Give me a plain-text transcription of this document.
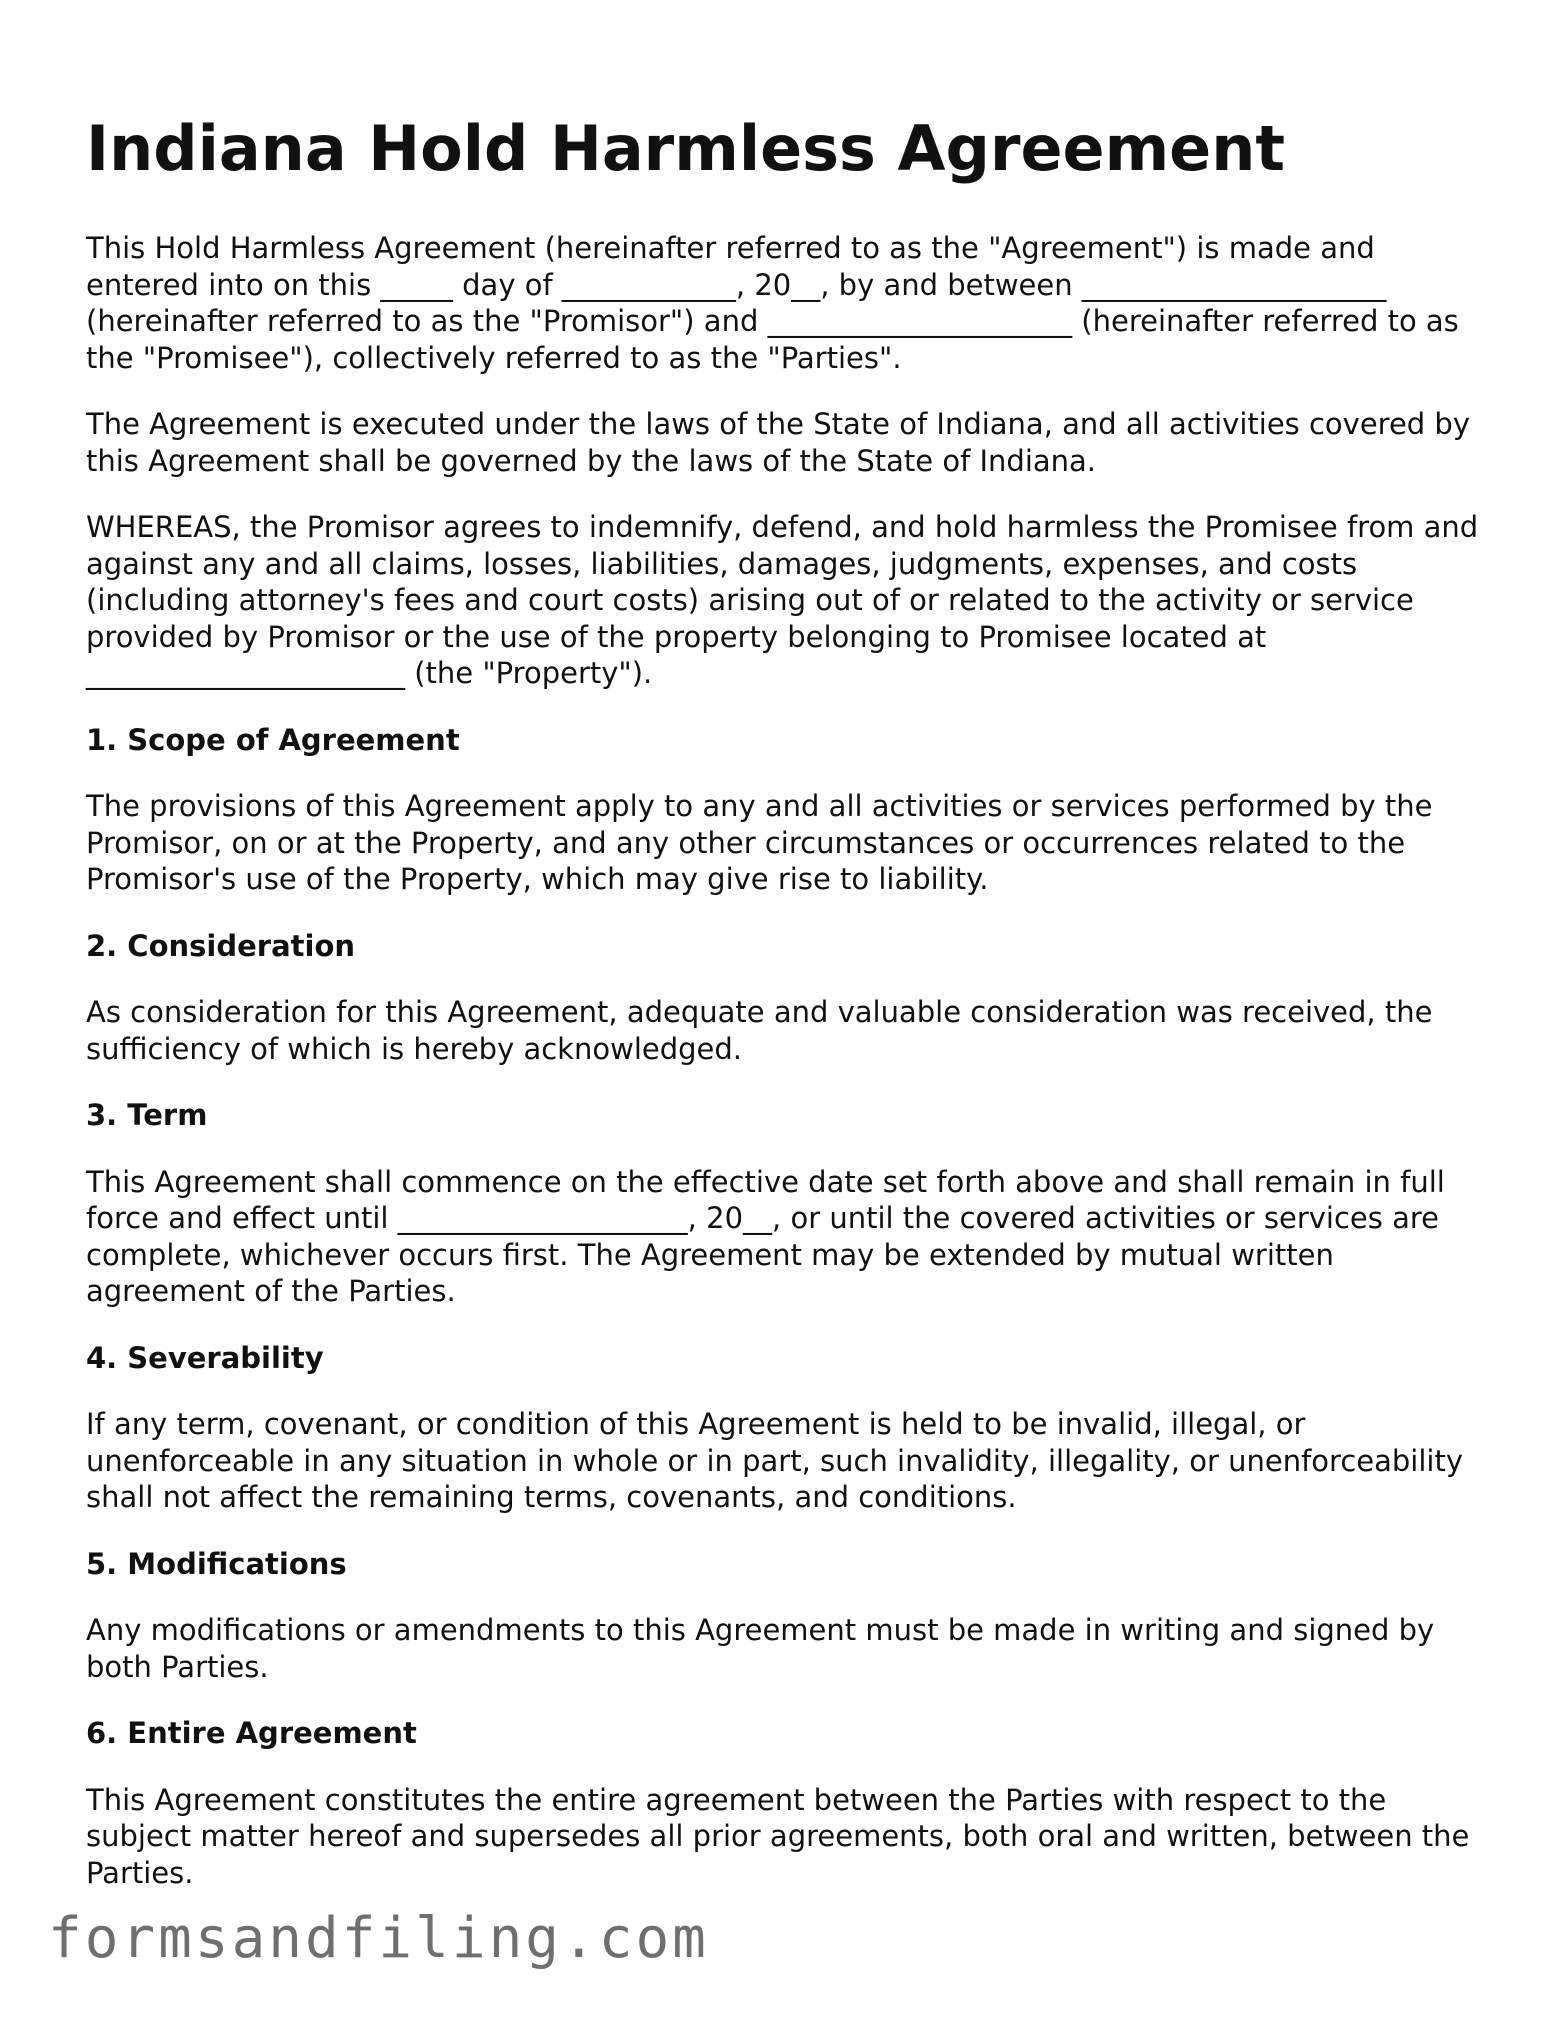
Indiana Hold Harmless Agreement

This Hold Harmless Agreement (hereinafter referred to as the "Agreement") is made and entered into on this _____ day of ____________, 20__, by and between _____________________ (hereinafter referred to as the "Promisor") and _____________________ (hereinafter referred to as the "Promisee"), collectively referred to as the "Parties".

The Agreement is executed under the laws of the State of Indiana, and all activities covered by this Agreement shall be governed by the laws of the State of Indiana.

WHEREAS, the Promisor agrees to indemnify, defend, and hold harmless the Promisee from and against any and all claims, losses, liabilities, damages, judgments, expenses, and costs (including attorney's fees and court costs) arising out of or related to the activity or service provided by Promisor or the use of the property belonging to Promisee located at ______________________ (the "Property").

1. Scope of Agreement

The provisions of this Agreement apply to any and all activities or services performed by the Promisor, on or at the Property, and any other circumstances or occurrences related to the Promisor's use of the Property, which may give rise to liability.

2. Consideration

As consideration for this Agreement, adequate and valuable consideration was received, the sufficiency of which is hereby acknowledged.

3. Term

This Agreement shall commence on the effective date set forth above and shall remain in full force and effect until ____________________, 20__, or until the covered activities or services are complete, whichever occurs first. The Agreement may be extended by mutual written agreement of the Parties.

4. Severability

If any term, covenant, or condition of this Agreement is held to be invalid, illegal, or unenforceable in any situation in whole or in part, such invalidity, illegality, or unenforceability shall not affect the remaining terms, covenants, and conditions.

5. Modifications

Any modifications or amendments to this Agreement must be made in writing and signed by both Parties.

6. Entire Agreement

This Agreement constitutes the entire agreement between the Parties with respect to the subject matter hereof and supersedes all prior agreements, both oral and written, between the Parties.

formsandfiling.com
